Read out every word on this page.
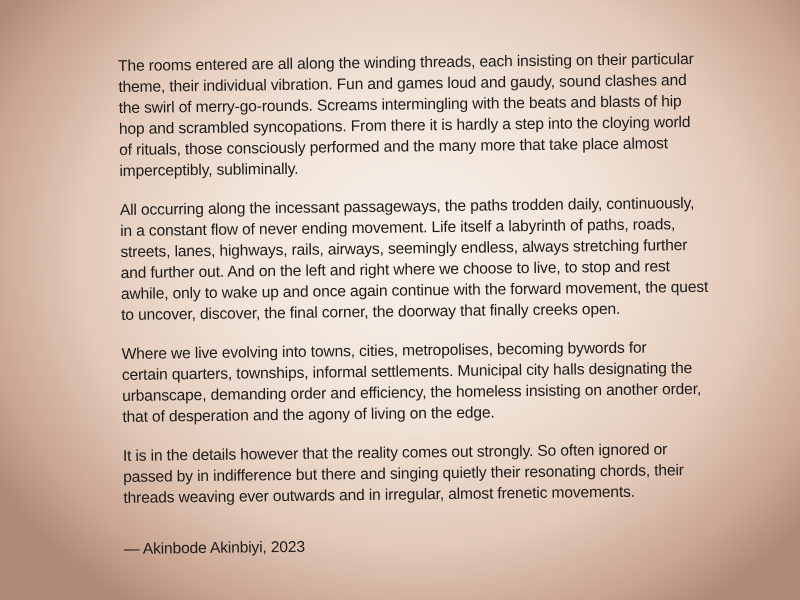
The rooms entered are all along the winding threads, each insisting on their particular
theme, their individual vibration. Fun and games loud and gaudy, sound clashes and
the swirl of merry-go-rounds. Screams intermingling with the beats and blasts of hip
hop and scrambled syncopations. From there it is hardly a step into the cloying world
of rituals, those consciously performed and the many more that take place almost
imperceptibly, subliminally.

All occurring along the incessant passageways, the paths trodden daily, continuously,
in a constant flow of never ending movement. Life itself a labyrinth of paths, roads,
streets, lanes, highways, rails, airways, seemingly endless, always stretching further
and further out. And on the left and right where we choose to live, to stop and rest
awhile, only to wake up and once again continue with the forward movement, the quest
to uncover, discover, the final corner, the doorway that finally creeks open.

Where we live evolving into towns, cities, metropolises, becoming bywords for
certain quarters, townships, informal settlements. Municipal city halls designating the
urbanscape, demanding order and efficiency, the homeless insisting on another order,
that of desperation and the agony of living on the edge.

It is in the details however that the reality comes out strongly. So often ignored or
passed by in indifference but there and singing quietly their resonating chords, their
threads weaving ever outwards and in irregular, almost frenetic movements.

— Akinbode Akinbiyi, 2023
